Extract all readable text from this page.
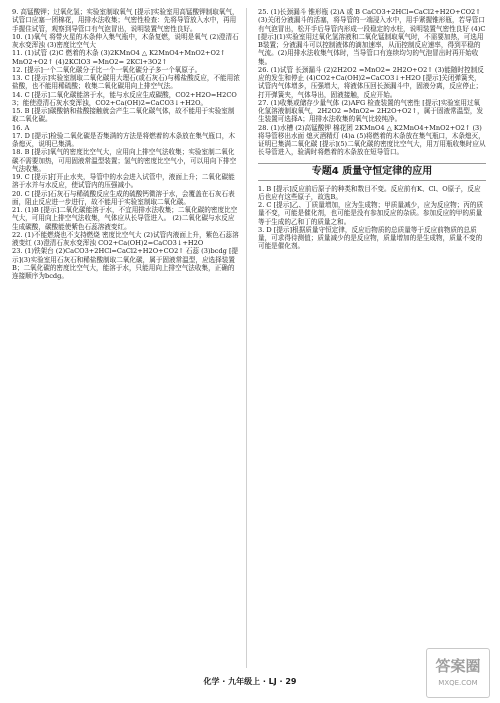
9. 高锰酸钾；过氧化氢；实验室制取氧气 [提示]实验室用高锰酸钾制取氧气，试管口应塞一团棉花，用排水法收集；气密性检查：先将导管放入水中，再用手握住试管，观察到导管口有气泡冒出，说明装置气密性良好。

10. (1)氧气 将带火星的木条伸入集气瓶中，木条复燃，说明是氧气 (2)澄清石灰水变浑浊 (3)密度比空气大

11. (1)试管 (2)C 燃着的木条 (3)2KMnO4 △ K2MnO4+MnO2+O2↑

MnO2+O2↑ (4)2KClO3 =MnO2= 2KCl+3O2↑

12. [提示]一个二氧化碳分子比一个一氧化碳分子多一个氧原子。

13. C [提示]实验室制取二氧化碳用大理石(或石灰石)与稀盐酸反应，不能用浓盐酸，也不能用稀硫酸；收集二氧化碳用向上排空气法。

14. C [提示]二氧化碳能溶于水，能与水反应生成碳酸，CO2+H2O=H2CO3；能使澄清石灰水变浑浊，CO2+Ca(OH)2=CaCO3↓+H2O。

15. B [提示]碳酸钠和盐酸接触就会产生二氧化碳气体，故不能用于实验室制取二氧化碳。

16. A

17. D [提示]检验二氧化碳是否集满的方法是将燃着的木条放在集气瓶口，木条熄灭，说明已集满。

18. B [提示]氧气的密度比空气大，应用向上排空气法收集；实验室制二氧化碳不需要加热，可用固液常温型装置；氢气的密度比空气小，可以用向下排空气法收集。

19. C [提示]打开止水夹，导管中的水会进入试管中，液面上升；二氧化碳能溶于水并与水反应，使试管内的压强减小。

20. C [提示]石灰石与稀硫酸反应生成的硫酸钙微溶于水，会覆盖在石灰石表面，阻止反应进一步进行，故不能用于实验室制取二氧化碳。

21. (1)B [提示]二氧化碳能溶于水，不宜用排水法收集；二氧化碳的密度比空气大，可用向上排空气法收集，气体应从长导管进入。 (2)二氧化碳与水反应生成碳酸，碳酸能使紫色石蕊溶液变红。

22. (1)不能燃烧也不支持燃烧 密度比空气大 (2)试管内液面上升，紫色石蕊溶液变红 (3)澄清石灰水变浑浊 CO2+Ca(OH)2=CaCO3↓+H2O

23. (1)铁架台 (2)CaCO3+2HCl=CaCl2+H2O+CO2↑ 石蕊 (3)bcdg [提示](3)实验室用石灰石和稀盐酸制取二氧化碳，属于固液常温型，应选择装置B；二氧化碳的密度比空气大，能溶于水，只能用向上排空气法收集，正确的连接顺序为bcdg。

25. (1)长颈漏斗 锥形瓶 (2)A 或 B CaCO3+2HCl=CaCl2+H2O+CO2↑ (3)关闭分液漏斗的活塞，将导管的一端浸入水中，用手紧握锥形瓶，若导管口有气泡冒出，松开手后导管内形成一段稳定的水柱，说明装置气密性良好 (4)C [提示](1)实验室用过氧化氢溶液和二氧化锰制取氧气时，不需要加热，可选用B装置；分液漏斗可以控制液体的滴加速率，从而控制反应速率，得到平稳的气流。(2)用排水法收集气体时，当导管口有连续均匀的气泡冒出时再开始收集。

26. (1)试管 长颈漏斗 (2)2H2O2 =MnO2= 2H2O+O2↑ (3)能随时控制反应的发生和停止 (4)CO2+Ca(OH)2=CaCO3↓+H2O [提示]关闭弹簧夹，试管内气体增多，压强增大，将液体压回长颈漏斗中，固液分离，反应停止；打开弹簧夹，气体导出，固液接触，反应开始。

27. (1)收集或储存少量气体 (2)AFG 检查装置的气密性 [提示]实验室用过氧化氢溶液制取氧气，2H2O2 =MnO2= 2H2O+O2↑，属于固液常温型，发生装置可选择A；用排水法收集的氧气比较纯净。

28. (1)水槽 (2)高锰酸钾 棉花团 2KMnO4 △ K2MnO4+MnO2+O2↑ (3)将导管移出水面 熄灭酒精灯 (4)a (5)将燃着的木条放在集气瓶口，木条熄灭，证明已集满二氧化碳 [提示](5)二氧化碳的密度比空气大，用万用瓶收集时应从长导管进入，验满时将燃着的木条放在短导管口。

专题4 质量守恒定律的应用

1. B [提示]反应前后原子的种类和数目不变。反应前有K、Cl、O原子，反应后也应有这些原子，故选B。

2. C [提示]乙、丁质量增加，应为生成物；甲质量减少，应为反应物；丙的质量不变，可能是催化剂，也可能是没有参加反应的杂质。参加反应的甲的质量等于生成的乙和丁的质量之和。

3. D [提示]根据质量守恒定律，反应后物质的总质量等于反应前物质的总质量，可求得待测值；质量减少的是反应物，质量增加的是生成物，质量不变的可能是催化剂。

化学 · 九年级上 · LJ · 29
答案圈
MXQE.COM
